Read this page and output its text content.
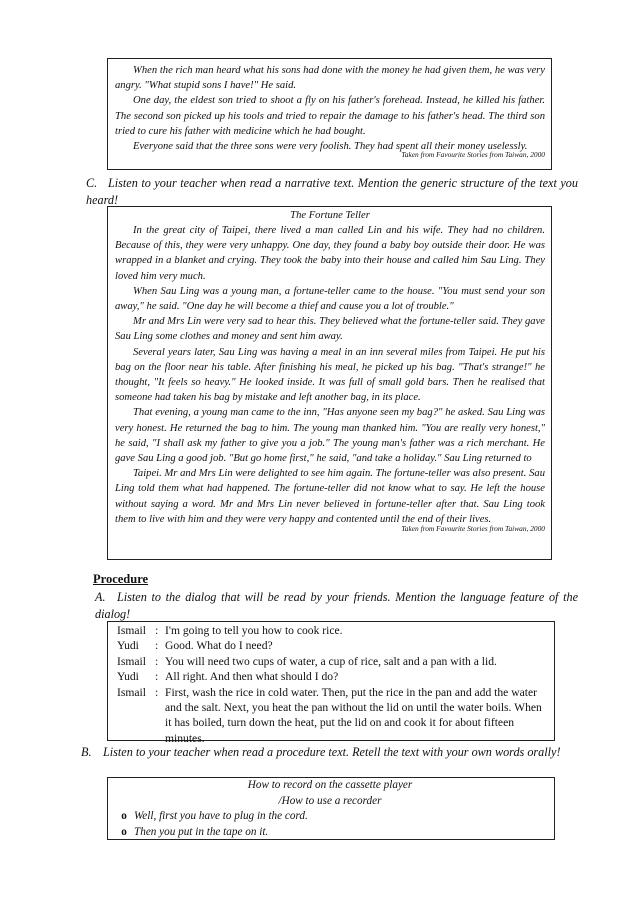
When the rich man heard what his sons had done with the money he had given them, he was very angry. "What stupid sons I have!" He said.

One day, the eldest son tried to shoot a fly on his father's forehead. Instead, he killed his father. The second son picked up his tools and tried to repair the damage to his father's head. The third son tried to cure his father with medicine which he had bought.

Everyone said that the three sons were very foolish. They had spent all their money uselessly.

Taken from Favourite Stories from Taiwan, 2000
C. Listen to your teacher when read a narrative text. Mention the generic structure of the text you heard!
The Fortune Teller

In the great city of Taipei, there lived a man called Lin and his wife. They had no children. Because of this, they were very unhappy. One day, they found a baby boy outside their door. He was wrapped in a blanket and crying. They took the baby into their house and called him Sau Ling. They loved him very much.

When Sau Ling was a young man, a fortune-teller came to the house. "You must send your son away," he said. "One day he will become a thief and cause you a lot of trouble."

Mr and Mrs Lin were very sad to hear this. They believed what the fortune-teller said. They gave Sau Ling some clothes and money and sent him away.

Several years later, Sau Ling was having a meal in an inn several miles from Taipei. He put his bag on the floor near his table. After finishing his meal, he picked up his bag. "That's strange!" he thought, "It feels so heavy." He looked inside. It was full of small gold bars. Then he realised that someone had taken his bag by mistake and left another bag, in its place.

That evening, a young man came to the inn, "Has anyone seen my bag?" he asked. Sau Ling was very honest. He returned the bag to him. The young man thanked him. "You are really very honest," he said, "I shall ask my father to give you a job." The young man's father was a rich merchant. He gave Sau Ling a good job. "But go home first," he said, "and take a holiday." Sau Ling returned to

Taipei. Mr and Mrs Lin were delighted to see him again. The fortune-teller was also present. Sau Ling told them what had happened. The fortune-teller did not know what to say. He left the house without saying a word. Mr and Mrs Lin never believed in fortune-teller after that. Sau Ling took them to live with him and they were very happy and contented until the end of their lives.

Taken from Favourite Stories from Taiwan, 2000
Procedure
A. Listen to the dialog that will be read by your friends. Mention the language feature of the dialog!
Ismail : I'm going to tell you how to cook rice.
Yudi	: Good. What do I need?
Ismail : You will need two cups of water, a cup of rice, salt and a pan with a lid.
Yudi	: All right. And then what should I do?
Ismail : First, wash the rice in cold water. Then, put the rice in the pan and add the water and the salt. Next, you heat the pan without the lid on until the water boils. When it has boiled, turn down the heat, put the lid on and cook it for about fifteen minutes.
B. Listen to your teacher when read a procedure text. Retell the text with your own words orally!
How to record on the cassette player
/How to use a recorder
o Well, first you have to plug in the cord.
o Then you put in the tape on it.
